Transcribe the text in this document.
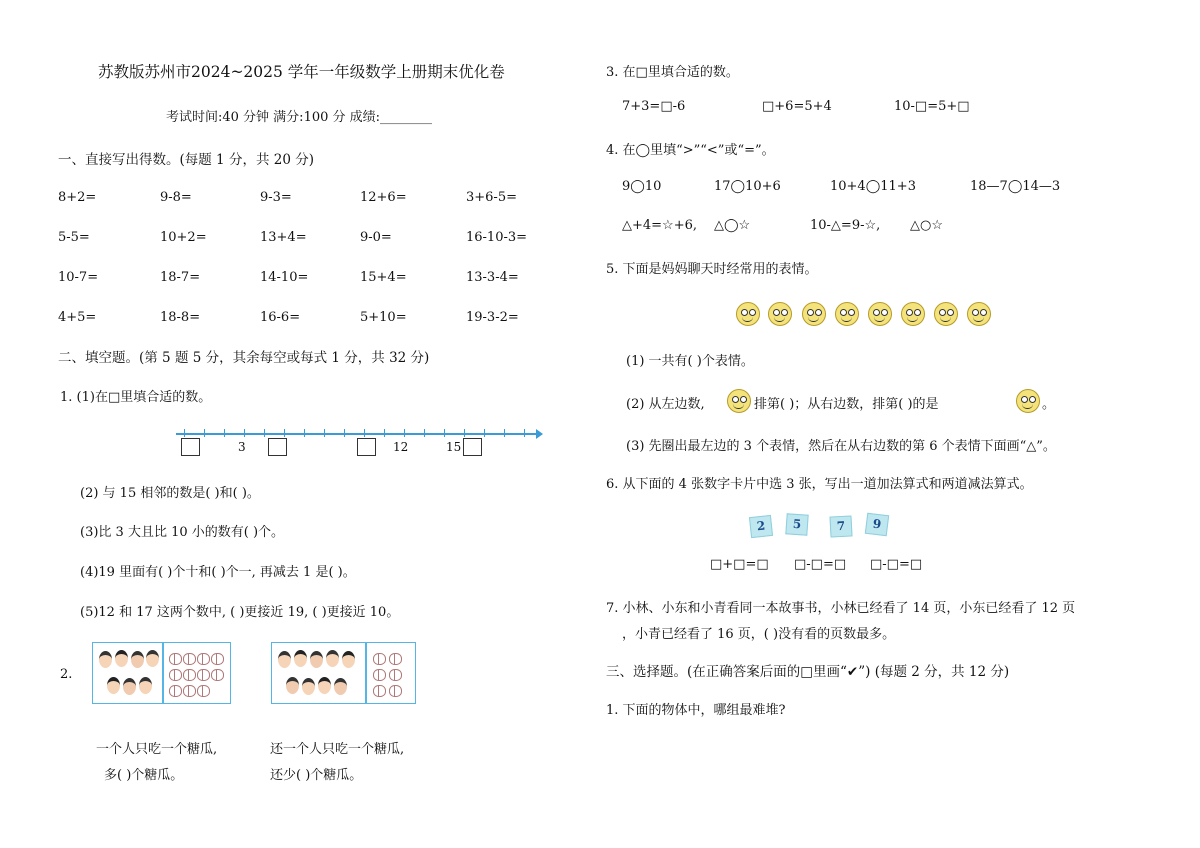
苏教版苏州市2024~2025 学年一年级数学上册期末优化卷
考试时间:40 分钟 满分:100 分 成绩:________
一、直接写出得数。(每题 1 分，共 20 分)
8+2=	9-8=	9-3=	12+6=	3+6-5=
5-5=	10+2=	13+4=	9-0=	16-10-3=
10-7=	18-7=	14-10=	15+4=	13-3-4=
4+5=	18-8=	16-6=	5+10=	19-3-2=
二、填空题。(第 5 题 5 分，其余每空或每式 1 分，共 32 分)
1. (1)在□里填合适的数。
3	12	15
(2) 与 15 相邻的数是( )和( )。
(3)比 3 大且比 10 小的数有( )个。
(4)19 里面有( )个十和( )个一, 再减去 1 是( )。
(5)12 和 17 这两个数中, ( )更接近 19, ( )更接近 10。
2.
一个人只吃一个糖瓜,
多( )个糖瓜。
还一个人只吃一个糖瓜,
还少( )个糖瓜。
3. 在□里填合适的数。
7+3=□-6	□+6=5+4	10-□=5+□
4. 在◯里填“>”“<”或“=”。
9◯10	17◯10+6	10+4◯11+3	18—7◯14—3
△+4=☆+6, △◯☆	10-△=9-☆, △○☆
5. 下面是妈妈聊天时经常用的表情。
(1) 一共有( )个表情。
(2) 从左边数,	排第( )；从右边数，排第( )的是	。
(3) 先圈出最左边的 3 个表情，然后在从右边数的第 6 个表情下面画“△”。
6. 从下面的 4 张数字卡片中选 3 张，写出一道加法算式和两道减法算式。
2	5	7	9
□+□=□ □-□=□ □-□=□
7. 小林、小东和小青看同一本故事书，小林已经看了 14 页，小东已经看了 12 页
，小青已经看了 16 页，( )没有看的页数最多。
三、选择题。(在正确答案后面的□里画“✔”) (每题 2 分，共 12 分)
1. 下面的物体中，哪组最难堆?
